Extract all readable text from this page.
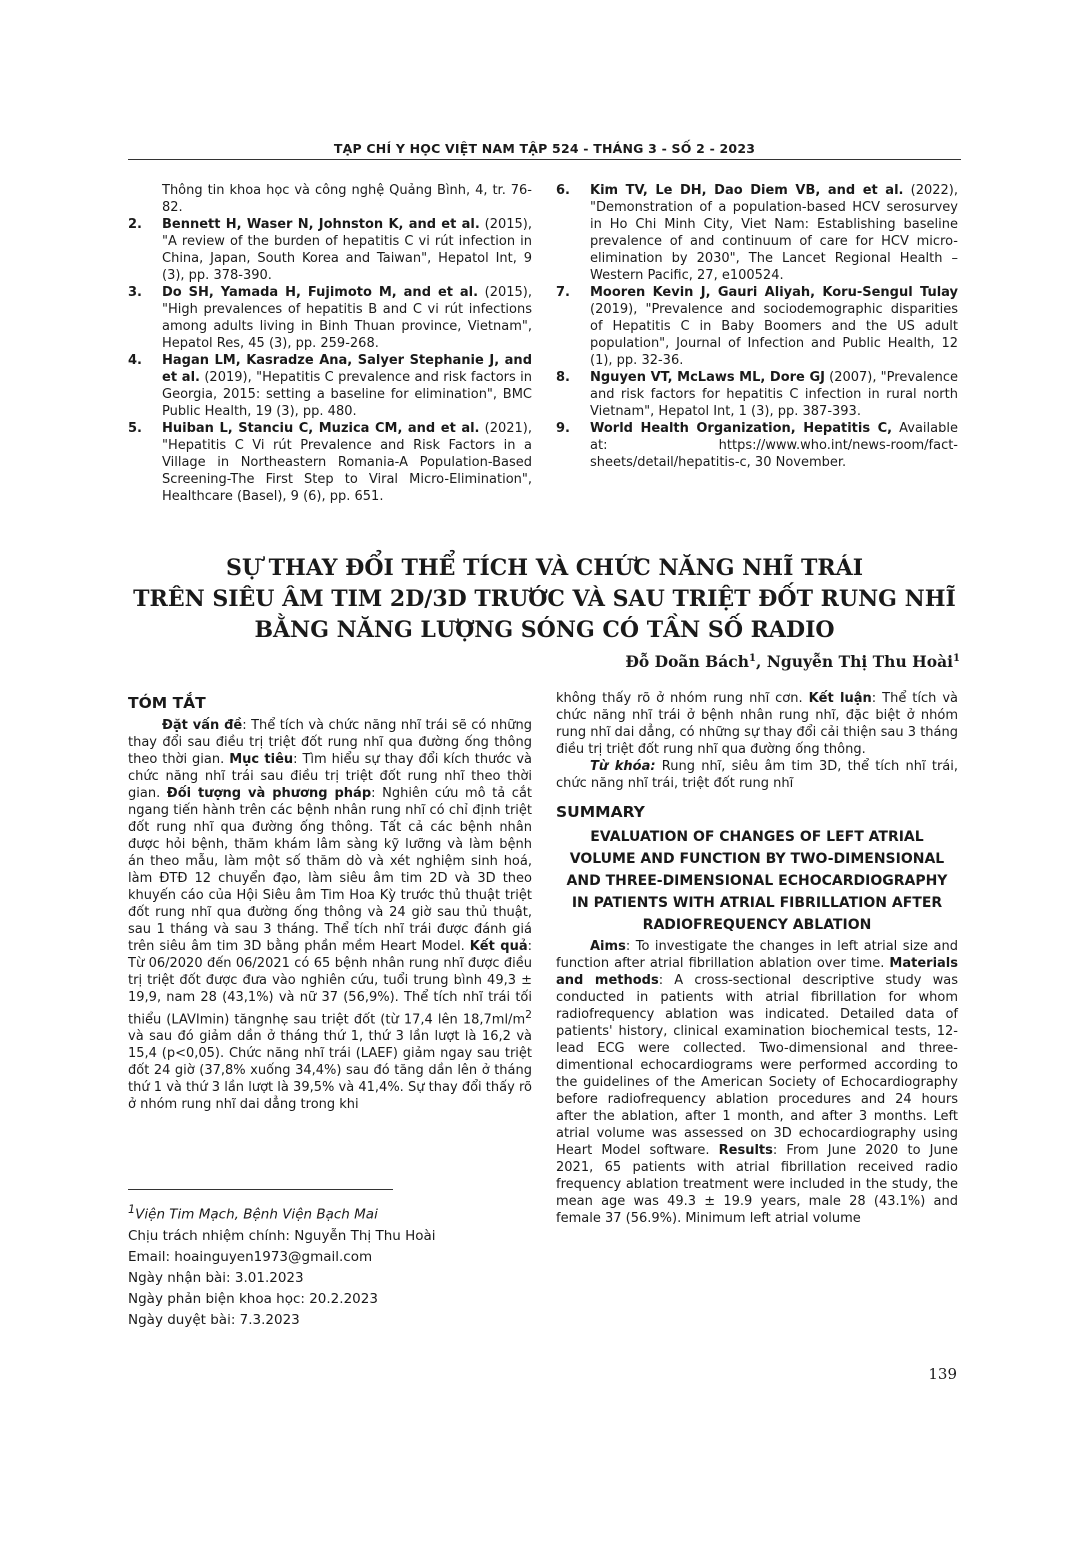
TẠP CHÍ Y HỌC VIỆT NAM TẬP 524 - THÁNG 3 - SỐ 2 - 2023
Thông tin khoa học và công nghệ Quảng Bình, 4, tr. 76-82.
2.	Bennett H, Waser N, Johnston K, and et al. (2015), "A review of the burden of hepatitis C vi rút infection in China, Japan, South Korea and Taiwan", Hepatol Int, 9 (3), pp. 378-390.
3.	Do SH, Yamada H, Fujimoto M, and et al. (2015), "High prevalences of hepatitis B and C vi rút infections among adults living in Binh Thuan province, Vietnam", Hepatol Res, 45 (3), pp. 259-268.
4.	Hagan LM, Kasradze Ana, Salyer Stephanie J, and et al. (2019), "Hepatitis C prevalence and risk factors in Georgia, 2015: setting a baseline for elimination", BMC Public Health, 19 (3), pp. 480.
5.	Huiban L, Stanciu C, Muzica CM, and et al. (2021), "Hepatitis C Vi rút Prevalence and Risk Factors in a Village in Northeastern Romania-A Population-Based Screening-The First Step to Viral Micro-Elimination", Healthcare (Basel), 9 (6), pp. 651.
6.	Kim TV, Le DH, Dao Diem VB, and et al. (2022), "Demonstration of a population-based HCV serosurvey in Ho Chi Minh City, Viet Nam: Establishing baseline prevalence of and continuum of care for HCV micro-elimination by 2030", The Lancet Regional Health – Western Pacific, 27, e100524.
7.	Mooren Kevin J, Gauri Aliyah, Koru-Sengul Tulay (2019), "Prevalence and sociodemographic disparities of Hepatitis C in Baby Boomers and the US adult population", Journal of Infection and Public Health, 12 (1), pp. 32-36.
8.	Nguyen VT, McLaws ML, Dore GJ (2007), "Prevalence and risk factors for hepatitis C infection in rural north Vietnam", Hepatol Int, 1 (3), pp. 387-393.
9.	World Health Organization, Hepatitis C, Available at: https://www.who.int/news-room/fact-sheets/detail/hepatitis-c, 30 November.
SỰ THAY ĐỔI THỂ TÍCH VÀ CHỨC NĂNG NHĨ TRÁI
TRÊN SIÊU ÂM TIM 2D/3D TRƯỚC VÀ SAU TRIỆT ĐỐT RUNG NHĨ
BẰNG NĂNG LƯỢNG SÓNG CÓ TẦN SỐ RADIO
Đỗ Doãn Bách$^1$, Nguyễn Thị Thu Hoài$^1$
TÓM TẮT

Đặt vấn đề: Thể tích và chức năng nhĩ trái sẽ có những thay đổi sau điều trị triệt đốt rung nhĩ qua đường ống thông theo thời gian. Mục tiêu: Tìm hiểu sự thay đổi kích thước và chức năng nhĩ trái sau điều trị triệt đốt rung nhĩ theo thời gian. Đối tượng và phương pháp: Nghiên cứu mô tả cắt ngang tiến hành trên các bệnh nhân rung nhĩ có chỉ định triệt đốt rung nhĩ qua đường ống thông. Tất cả các bệnh nhân được hỏi bệnh, thăm khám lâm sàng kỹ lưỡng và làm bệnh án theo mẫu, làm một số thăm dò và xét nghiệm sinh hoá, làm ĐTĐ 12 chuyển đạo, làm siêu âm tim 2D và 3D theo khuyến cáo của Hội Siêu âm Tim Hoa Kỳ trước thủ thuật triệt đốt rung nhĩ qua đường ống thông và 24 giờ sau thủ thuật, sau 1 tháng và sau 3 tháng. Thể tích nhĩ trái được đánh giá trên siêu âm tim 3D bằng phần mềm Heart Model. Kết quả: Từ 06/2020 đến 06/2021 có 65 bệnh nhân rung nhĩ được điều trị triệt đốt được đưa vào nghiên cứu, tuổi trung bình 49,3 ± 19,9, nam 28 (43,1%) và nữ 37 (56,9%). Thể tích nhĩ trái tối thiểu (LAVImin) tăngnhẹ sau triệt đốt (từ 17,4 lên $18,7ml/m^2$ và sau đó giảm dần ở tháng thứ 1, thứ 3 lần lượt là 16,2 và 15,4 (p<0,05). Chức năng nhĩ trái (LAEF) giảm ngay sau triệt đốt 24 giờ (37,8% xuống 34,4%) sau đó tăng dần lên ở tháng thứ 1 và thứ 3 lần lượt là 39,5% và 41,4%. Sự thay đổi thấy rõ ở nhóm rung nhĩ dai dẳng trong khi

$^1$Viện Tim Mạch, Bệnh Viện Bạch Mai
Chịu trách nhiệm chính: Nguyễn Thị Thu Hoài
Email: hoainguyen1973@gmail.com
Ngày nhận bài: 3.01.2023
Ngày phản biện khoa học: 20.2.2023
Ngày duyệt bài: 7.3.2023

không thấy rõ ở nhóm rung nhĩ cơn. Kết luận: Thể tích và chức năng nhĩ trái ở bệnh nhân rung nhĩ, đặc biệt ở nhóm rung nhĩ dai dẳng, có những sự thay đổi cải thiện sau 3 tháng điều trị triệt đốt rung nhĩ qua đường ống thông.

Từ khóa: Rung nhĩ, siêu âm tim 3D, thể tích nhĩ trái, chức năng nhĩ trái, triệt đốt rung nhĩ

SUMMARY
EVALUATION OF CHANGES OF LEFT ATRIAL VOLUME AND FUNCTION BY TWO-DIMENSIONAL AND THREE-DIMENSIONAL ECHOCARDIOGRAPHY IN PATIENTS WITH ATRIAL FIBRILLATION AFTER RADIOFREQUENCY ABLATION

Aims: To investigate the changes in left atrial size and function after atrial fibrillation ablation over time. Materials and methods: A cross-sectional descriptive study was conducted in patients with atrial fibrillation for whom radiofrequency ablation was indicated. Detailed data of patients' history, clinical examination biochemical tests, 12-lead ECG were collected. Two-dimensional and three-dimentional echocardiograms were performed according to the guidelines of the American Society of Echocardiography before radiofrequency ablation procedures and 24 hours after the ablation, after 1 month, and after 3 months. Left atrial volume was assessed on 3D echocardiography using Heart Model software. Results: From June 2020 to June 2021, 65 patients with atrial fibrillation received radio frequency ablation treatment were included in the study, the mean age was 49.3 ± 19.9 years, male 28 (43.1%) and female 37 (56.9%). Minimum left atrial volume

139
